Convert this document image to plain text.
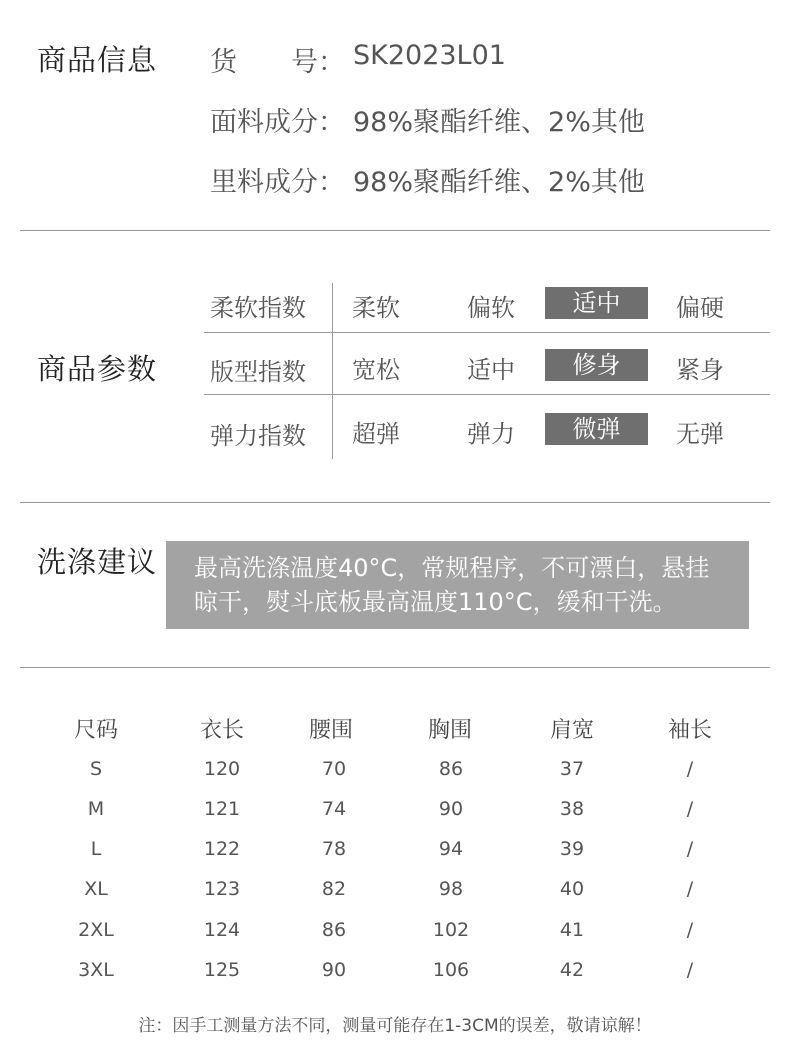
商品信息 货　　号： SK2023L01
面料成分： 98%聚酯纤维、2%其他
里料成分： 98%聚酯纤维、2%其他
商品参数
柔软指数 柔软	偏软	适中	偏硬
版型指数 宽松	适中	修身	紧身
弹力指数 超弹	弹力	微弹	无弹
洗涤建议 最高洗涤温度40°C，常规程序，不可漂白，悬挂
晾干，熨斗底板最高温度110°C，缓和干洗。
尺码	衣长	腰围	胸围	肩宽	袖长
S	120	70	86	37	/
M	121	74	90	38	/
L	122	78	94	39	/
XL	123	82	98	40	/
2XL	124	86	102	41	/
3XL	125	90	106	42	/
注：因手工测量方法不同，测量可能存在1-3CM的误差，敬请谅解！
